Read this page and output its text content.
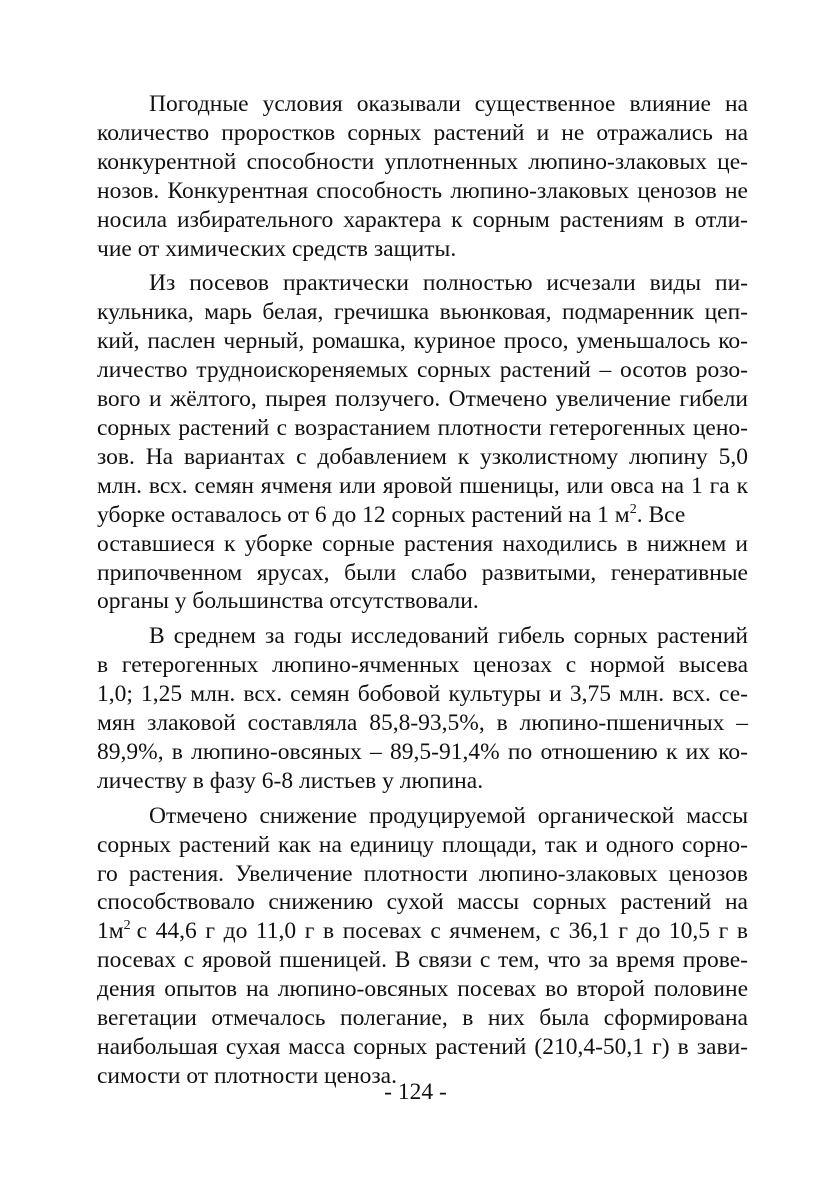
Погодные условия оказывали существенное влияние на
количество проростков сорных растений и не отражались на
конкурентной способности уплотненных люпино-злаковых це-
нозов. Конкурентная способность люпино-злаковых ценозов не
носила избирательного характера к сорным растениям в отли-
чие от химических средств защиты.
Из посевов практически полностью исчезали виды пи-
кульника, марь белая, гречишка вьюнковая, подмаренник цеп-
кий, паслен черный, ромашка, куриное просо, уменьшалось ко-
личество трудноискореняемых сорных растений – осотов розо-
вого и жёлтого, пырея ползучего. Отмечено увеличение гибели
сорных растений с возрастанием плотности гетерогенных цено-
зов. На вариантах с добавлением к узколистному люпину 5,0
млн. всх. семян ячменя или яровой пшеницы, или овса на 1 га к
уборке оставалось от 6 до 12 сорных растений на 1 $м^2$. Все
оставшиеся к уборке сорные растения находились в нижнем и
припочвенном ярусах, были слабо развитыми, генеративные
органы у большинства отсутствовали.
В среднем за годы исследований гибель сорных растений
в гетерогенных люпино-ячменных ценозах с нормой высева
1,0; 1,25 млн. всх. семян бобовой культуры и 3,75 млн. всх. се-
мян злаковой составляла 85,8-93,5%, в люпино-пшеничных –
89,9%, в люпино-овсяных – 89,5-91,4% по отношению к их ко-
личеству в фазу 6-8 листьев у люпина.
Отмечено снижение продуцируемой органической массы
сорных растений как на единицу площади, так и одного сорно-
го растения. Увеличение плотности люпино-злаковых ценозов
способствовало снижению сухой массы сорных растений на
$1м^2$ с 44,6 г до 11,0 г в посевах с ячменем, с 36,1 г до 10,5 г в
посевах с яровой пшеницей. В связи с тем, что за время прове-
дения опытов на люпино-овсяных посевах во второй половине
вегетации отмечалось полегание, в них была сформирована
наибольшая сухая масса сорных растений (210,4-50,1 г) в зави-
симости от плотности ценоза.
- 124 -
